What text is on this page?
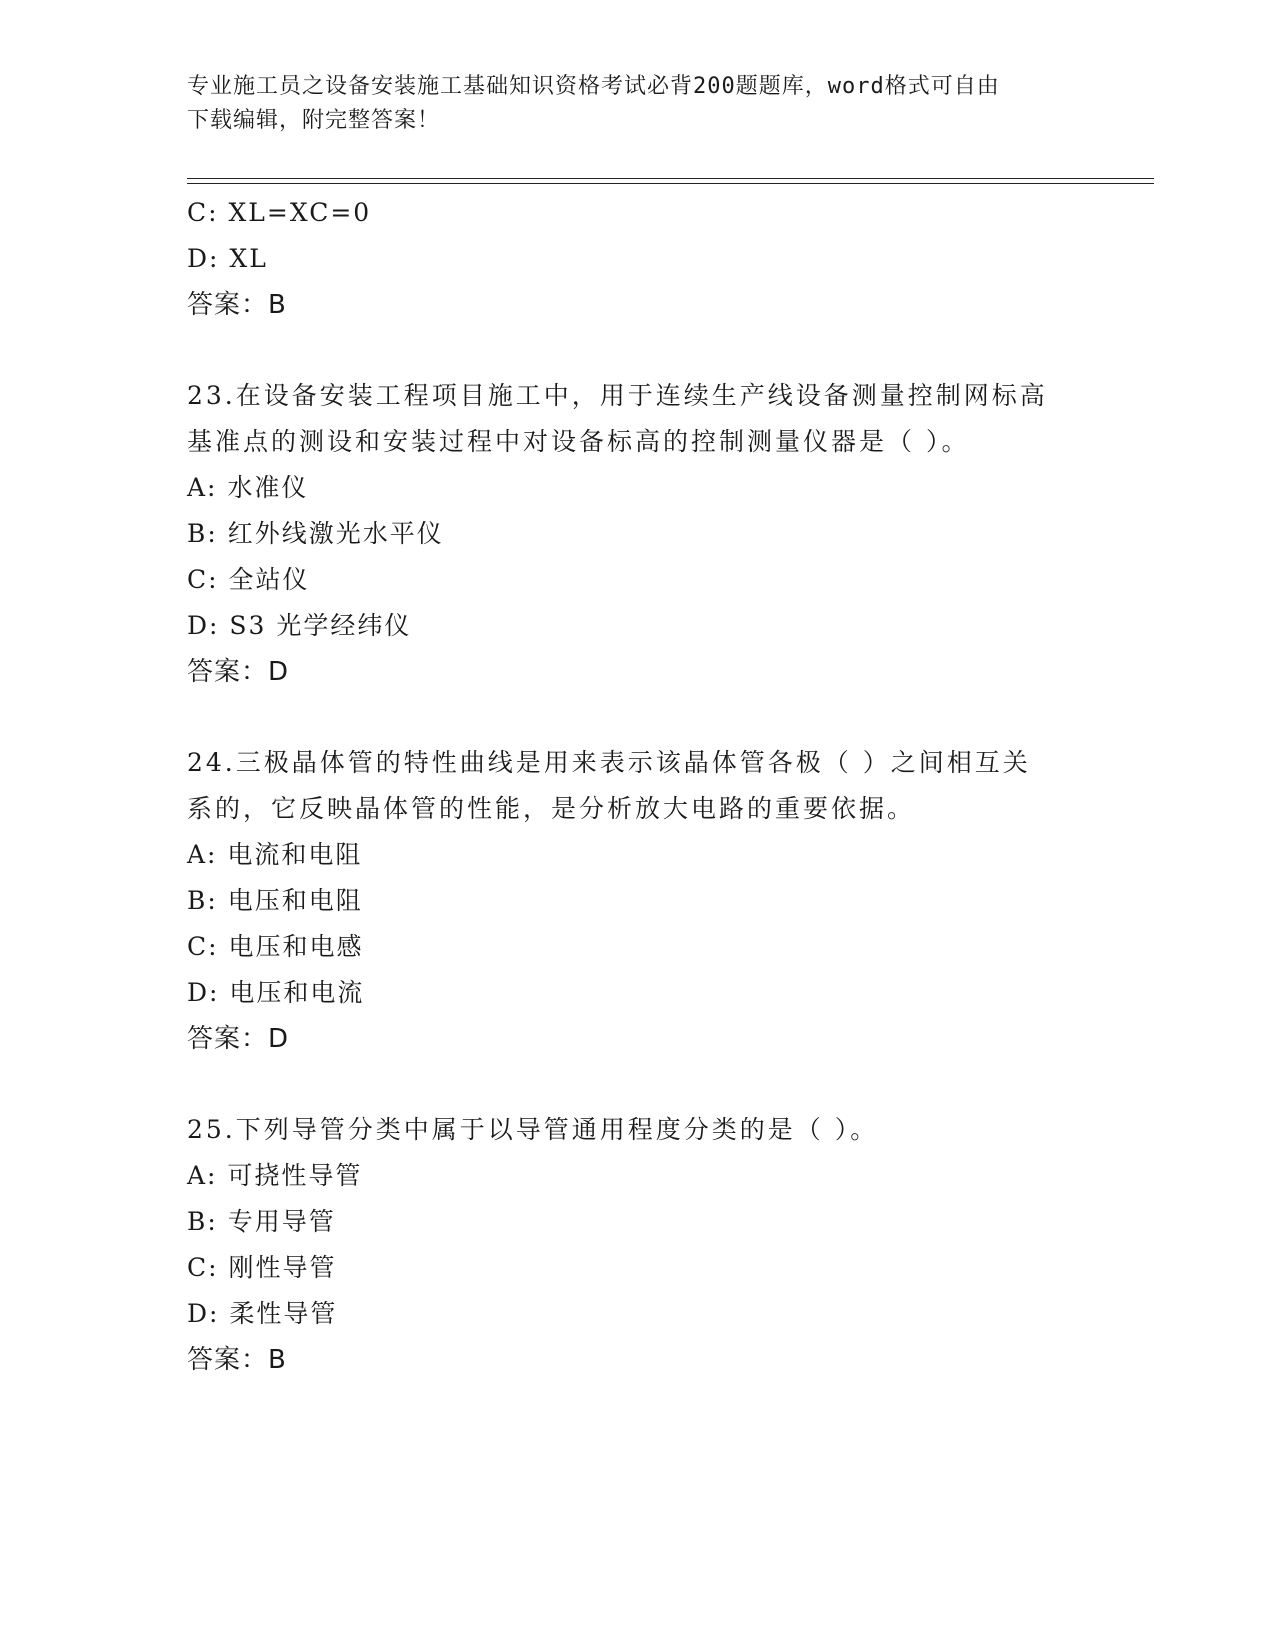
专业施工员之设备安装施工基础知识资格考试必背200题题库，word格式可自由
下载编辑，附完整答案！
C: XL=XC=0
D: XL
答案：B
23.在设备安装工程项目施工中，用于连续生产线设备测量控制网标高
基准点的测设和安装过程中对设备标高的控制测量仪器是（ ）。
A: 水准仪
B: 红外线激光水平仪
C: 全站仪
D: S3 光学经纬仪
答案：D
24.三极晶体管的特性曲线是用来表示该晶体管各极（ ）之间相互关
系的，它反映晶体管的性能，是分析放大电路的重要依据。
A: 电流和电阻
B: 电压和电阻
C: 电压和电感
D: 电压和电流
答案：D
25.下列导管分类中属于以导管通用程度分类的是（ ）。
A: 可挠性导管
B: 专用导管
C: 刚性导管
D: 柔性导管
答案：B
